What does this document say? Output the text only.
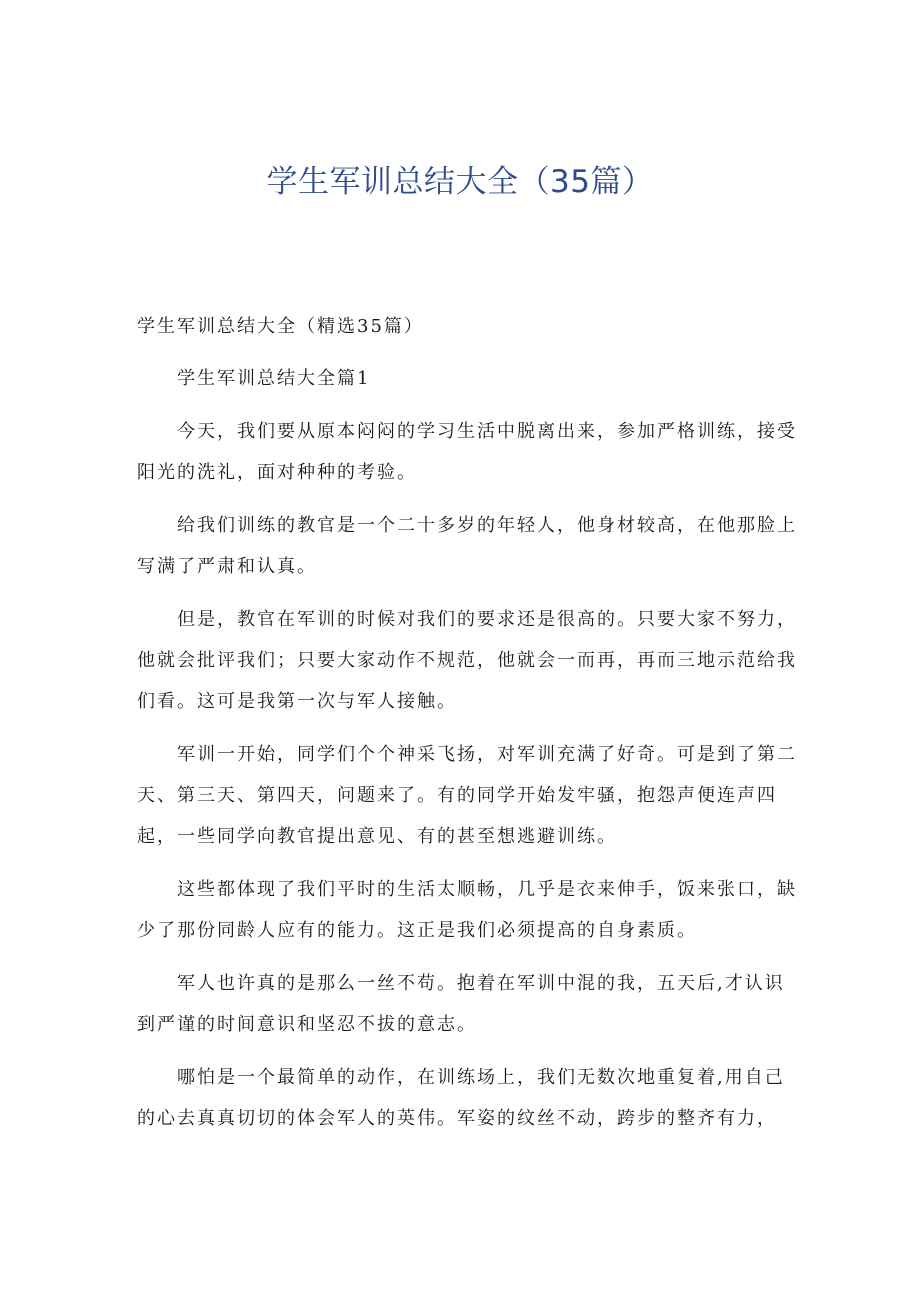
学生军训总结大全（35篇）

学生军训总结大全（精选35篇）

学生军训总结大全篇1

今天，我们要从原本闷闷的学习生活中脱离出来，参加严格训练，接受阳光的洗礼，面对种种的考验。

给我们训练的教官是一个二十多岁的年轻人，他身材较高，在他那脸上写满了严肃和认真。

但是，教官在军训的时候对我们的要求还是很高的。只要大家不努力，他就会批评我们；只要大家动作不规范，他就会一而再，再而三地示范给我们看。这可是我第一次与军人接触。

军训一开始，同学们个个神采飞扬，对军训充满了好奇。可是到了第二天、第三天、第四天，问题来了。有的同学开始发牢骚，抱怨声便连声四起，一些同学向教官提出意见、有的甚至想逃避训练。

这些都体现了我们平时的生活太顺畅，几乎是衣来伸手，饭来张口，缺少了那份同龄人应有的能力。这正是我们必须提高的自身素质。

军人也许真的是那么一丝不苟。抱着在军训中混的我，五天后,才认识到严谨的时间意识和坚忍不拔的意志。

哪怕是一个最简单的动作，在训练场上，我们无数次地重复着,用自己的心去真真切切的体会军人的英伟。军姿的纹丝不动，跨步的整齐有力，
